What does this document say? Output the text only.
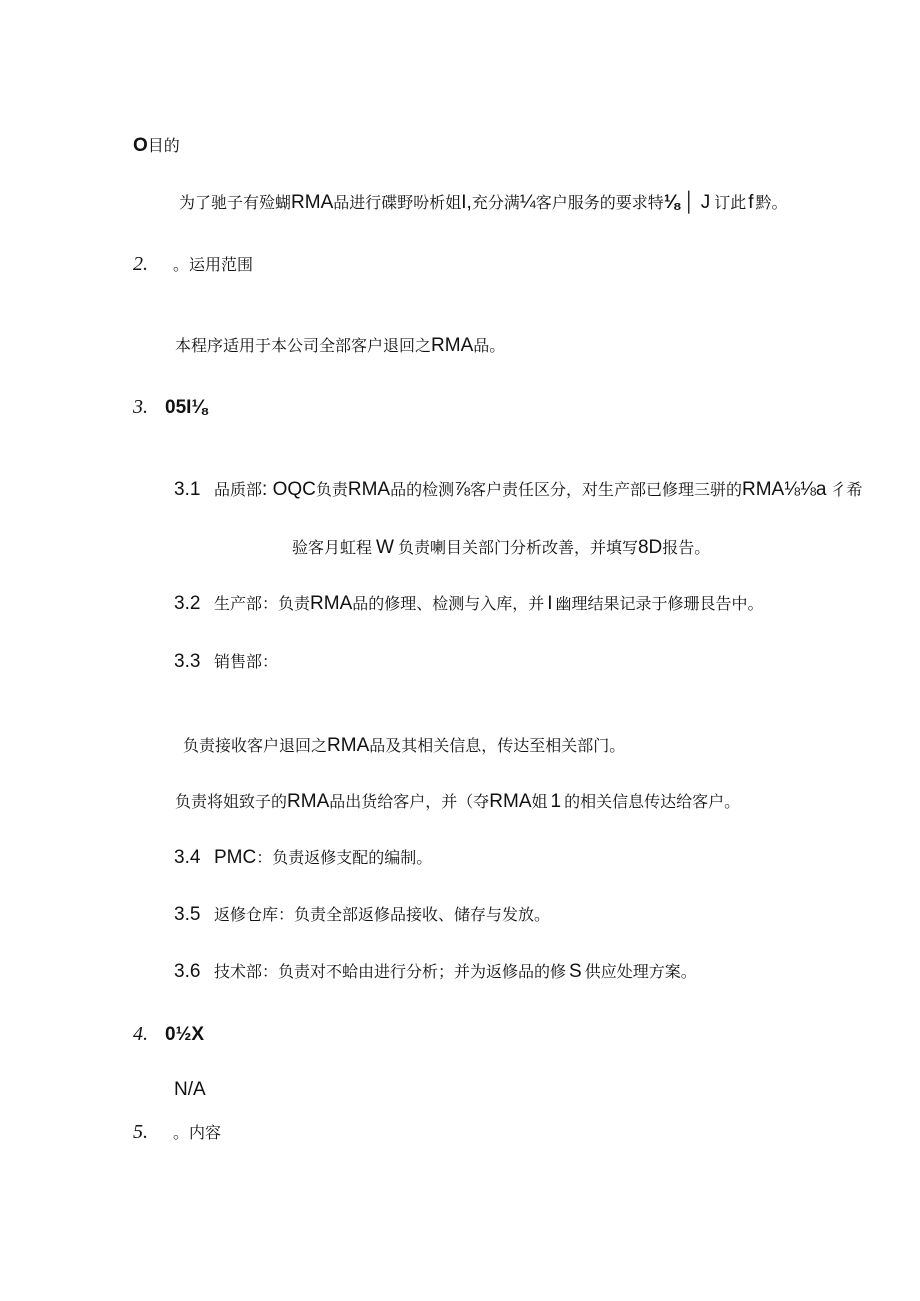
O目的
为了驰子有殓蝴RMA品进行碟野吩析姐I,充分满¼客户服务的要求特⅛ │ J 订此 f 黔。
2. 。运用范围
本程序适用于本公司全部客户退回之RMA品。
3. 05I⅛
3.1 品质部: OQC负责RMA品的检测⅞客户责任区分，对生产部已修理三骈的RMA⅛⅛a 彳希
验客月虹程 W 负责喇目关部门分析改善，并填写8D报告。
3.2 生产部：负责RMA品的修理、检测与入库，并 I 幽理结果记录于修珊艮告中。
3.3 销售部：
负责接收客户退回之RMA品及其相关信息，传达至相关部门。
负责将姐致子的RMA品出货给客户，并（夺RMA姐 1 的相关信息传达给客户。
3.4 PMC：负责返修支配的编制。
3.5 返修仓库：负责全部返修品接收、储存与发放。
3.6 技术部：负责对不蛤由进行分析；并为返修品的修 S 供应处理方案。
4. 0½X
N/A
5. 。内容
